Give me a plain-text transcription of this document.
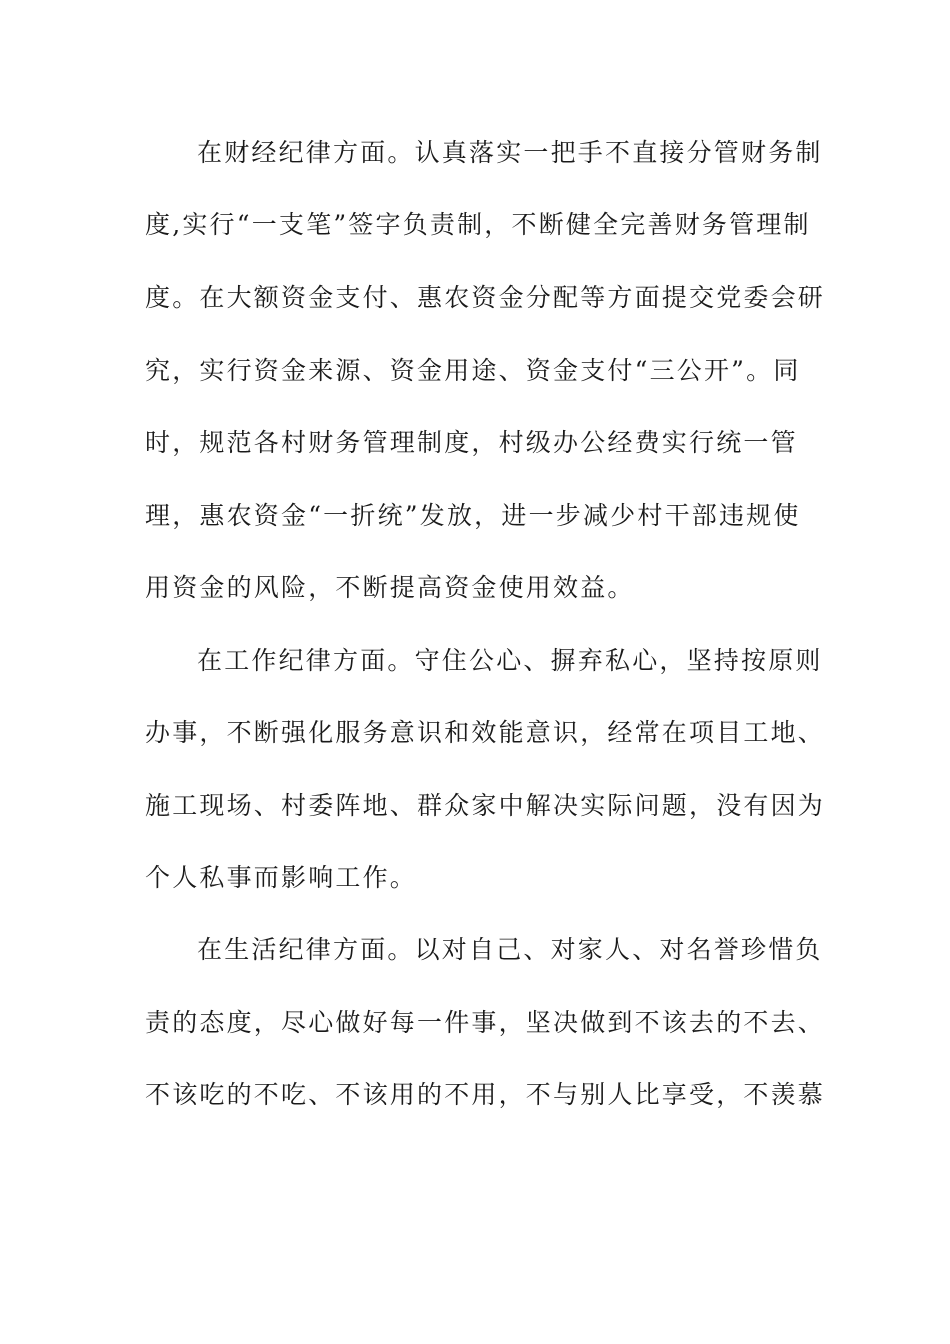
在财经纪律方面。认真落实一把手不直接分管财务制
度,实行“一支笔”签字负责制，不断健全完善财务管理制
度。在大额资金支付、惠农资金分配等方面提交党委会研
究，实行资金来源、资金用途、资金支付“三公开”。同
时，规范各村财务管理制度，村级办公经费实行统一管
理，惠农资金“一折统”发放，进一步减少村干部违规使
用资金的风险，不断提高资金使用效益。
在工作纪律方面。守住公心、摒弃私心，坚持按原则
办事，不断强化服务意识和效能意识，经常在项目工地、
施工现场、村委阵地、群众家中解决实际问题，没有因为
个人私事而影响工作。
在生活纪律方面。以对自己、对家人、对名誉珍惜负
责的态度，尽心做好每一件事，坚决做到不该去的不去、
不该吃的不吃、不该用的不用，不与别人比享受，不羡慕
